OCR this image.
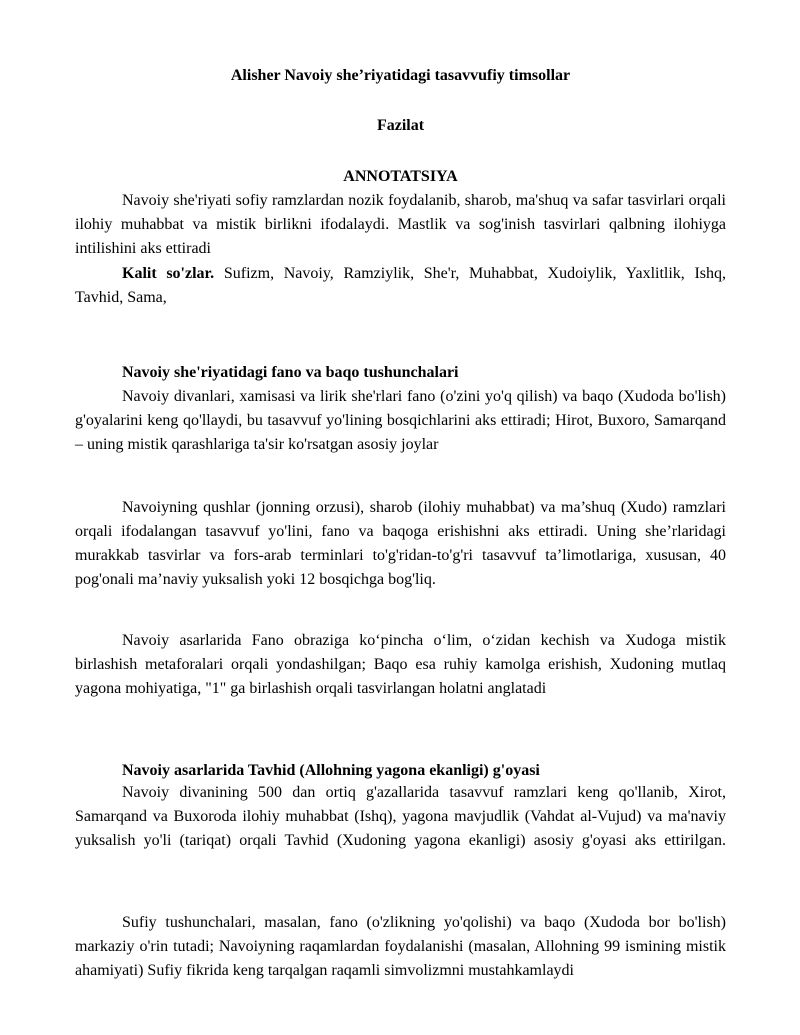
Alisher Navoiy she’riyatidagi tasavvufiy timsollar

Fazilat

ANNOTATSIYA

Navoiy she'riyati sofiy ramzlardan nozik foydalanib, sharob, ma'shuq va safar tasvirlari orqali ilohiy muhabbat va mistik birlikni ifodalaydi. Mastlik va sog'inish tasvirlari qalbning ilohiyga intilishini aks ettiradi

Kalit so'zlar. Sufizm, Navoiy, Ramziylik, She'r, Muhabbat, Xudoiylik, Yaxlitlik, Ishq, Tavhid, Sama,

Navoiy she'riyatidagi fano va baqo tushunchalari

Navoiy divanlari, xamisasi va lirik she'rlari fano (o'zini yo'q qilish) va baqo (Xudoda bo'lish) g'oyalarini keng qo'llaydi, bu tasavvuf yo'lining bosqichlarini aks ettiradi; Hirot, Buxoro, Samarqand – uning mistik qarashlariga ta'sir ko'rsatgan asosiy joylar

Navoiyning qushlar (jonning orzusi), sharob (ilohiy muhabbat) va ma’shuq (Xudo) ramzlari orqali ifodalangan tasavvuf yo'lini, fano va baqoga erishishni aks ettiradi. Uning she’rlaridagi murakkab tasvirlar va fors-arab terminlari to'g'ridan-to'g'ri tasavvuf ta’limotlariga, xususan, 40 pog'onali ma’naviy yuksalish yoki 12 bosqichga bog'liq.

Navoiy asarlarida Fano obraziga ko‘pincha o‘lim, o‘zidan kechish va Xudoga mistik birlashish metaforalari orqali yondashilgan; Baqo esa ruhiy kamolga erishish, Xudoning mutlaq yagona mohiyatiga, "1" ga birlashish orqali tasvirlangan holatni anglatadi

Navoiy asarlarida Tavhid (Allohning yagona ekanligi) g'oyasi

Navoiy divanining 500 dan ortiq g'azallarida tasavvuf ramzlari keng qo'llanib, Xirot, Samarqand va Buxoroda ilohiy muhabbat (Ishq), yagona mavjudlik (Vahdat al-Vujud) va ma'naviy yuksalish yo'li (tariqat) orqali Tavhid (Xudoning yagona ekanligi) asosiy g'oyasi aks ettirilgan.

Sufiy tushunchalari, masalan, fano (o'zlikning yo'qolishi) va baqo (Xudoda bor bo'lish) markaziy o'rin tutadi; Navoiyning raqamlardan foydalanishi (masalan, Allohning 99 ismining mistik ahamiyati) Sufiy fikrida keng tarqalgan raqamli simvolizmni mustahkamlaydi
